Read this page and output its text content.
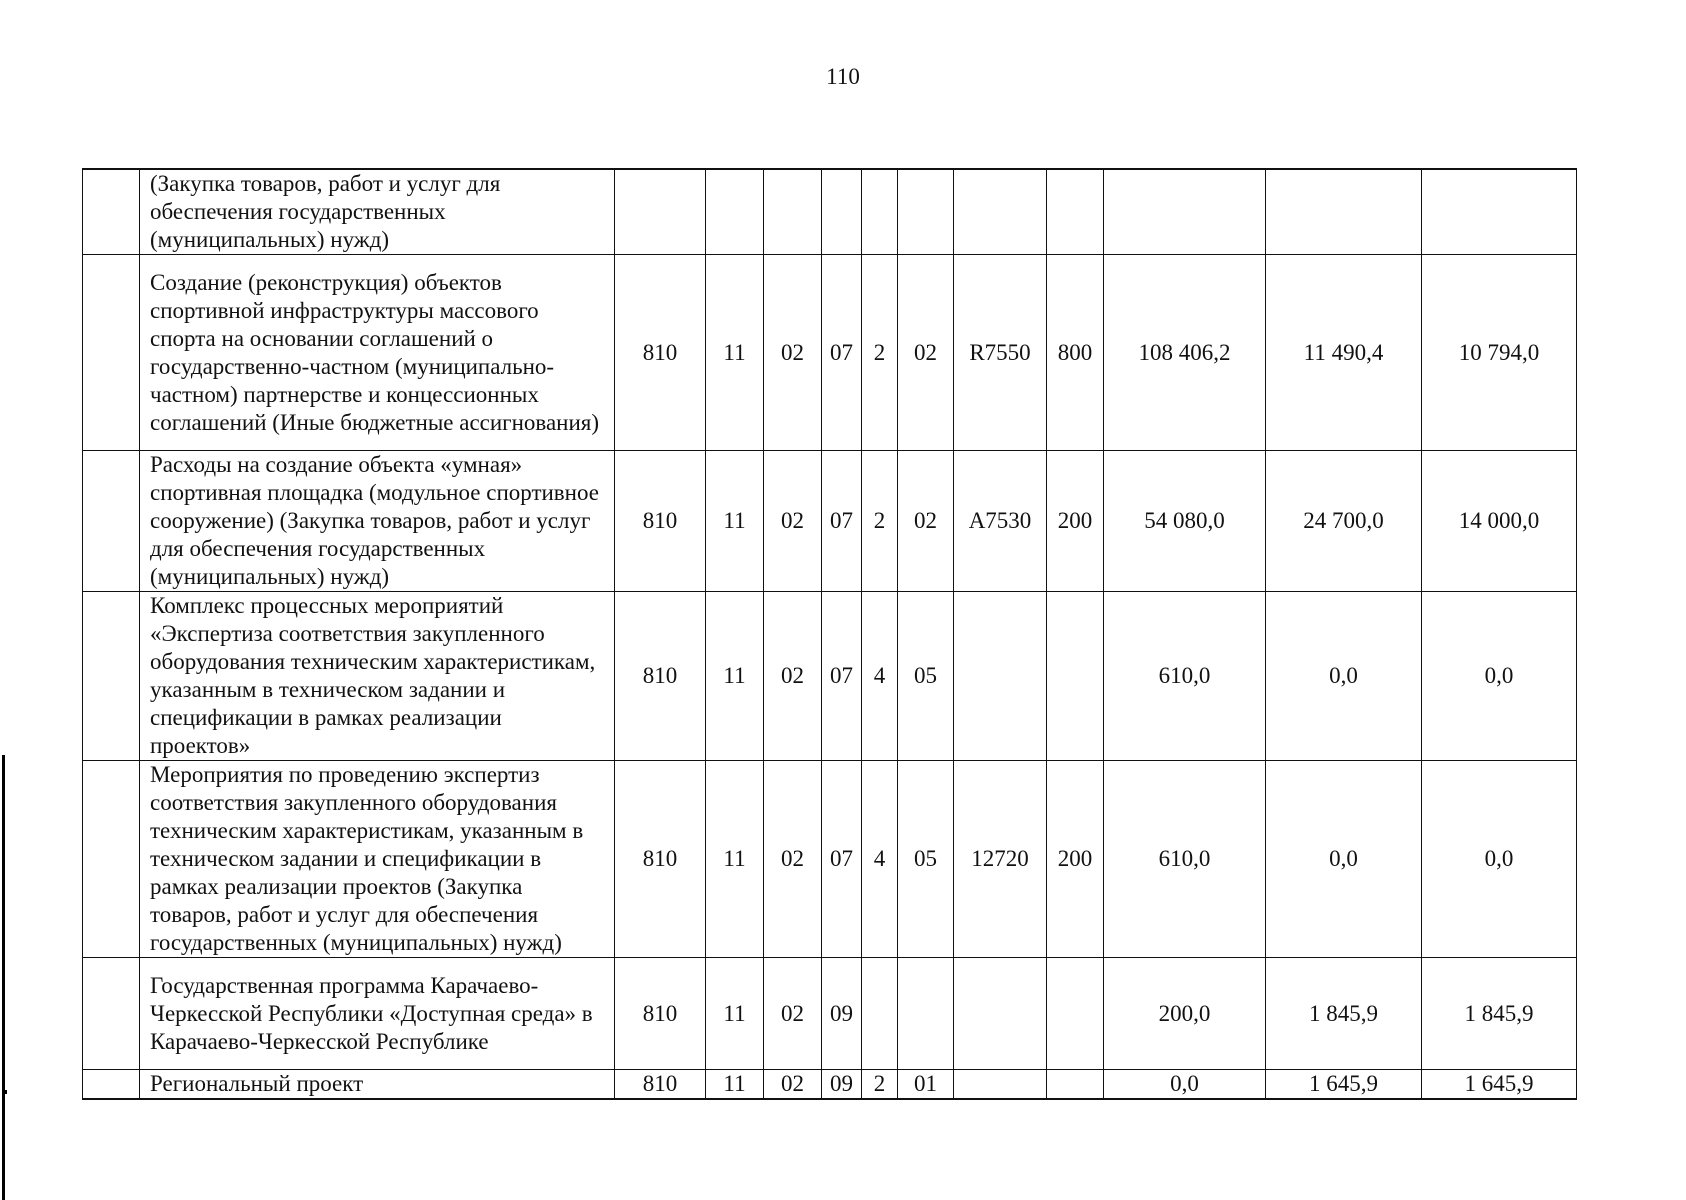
110
	(Закупка товаров, работ и услуг для обеспечения государственных (муниципальных) нужд)											
	Создание (реконструкция) объектов спортивной инфраструктуры массового спорта на основании соглашений о государственно-частном (муниципально-частном) партнерстве и концессионных соглашений (Иные бюджетные ассигнования)	810	11	02	07	2	02	R7550	800	108 406,2	11 490,4	10 794,0
	Расходы на создание объекта «умная» спортивная площадка (модульное спортивное сооружение) (Закупка товаров, работ и услуг для обеспечения государственных (муниципальных) нужд)	810	11	02	07	2	02	A7530	200	54 080,0	24 700,0	14 000,0
	Комплекс процессных мероприятий «Экспертиза соответствия закупленного оборудования техническим характеристикам, указанным в техническом задании и спецификации в рамках реализации проектов»	810	11	02	07	4	05			610,0	0,0	0,0
	Мероприятия по проведению экспертиз соответствия закупленного оборудования техническим характеристикам, указанным в техническом задании и спецификации в рамках реализации проектов (Закупка товаров, работ и услуг для обеспечения государственных (муниципальных) нужд)	810	11	02	07	4	05	12720	200	610,0	0,0	0,0
	Государственная программа Карачаево-Черкесской Республики «Доступная среда» в Карачаево-Черкесской Республике	810	11	02	09					200,0	1 845,9	1 845,9
	Региональный проект	810	11	02	09	2	01			0,0	1 645,9	1 645,9
